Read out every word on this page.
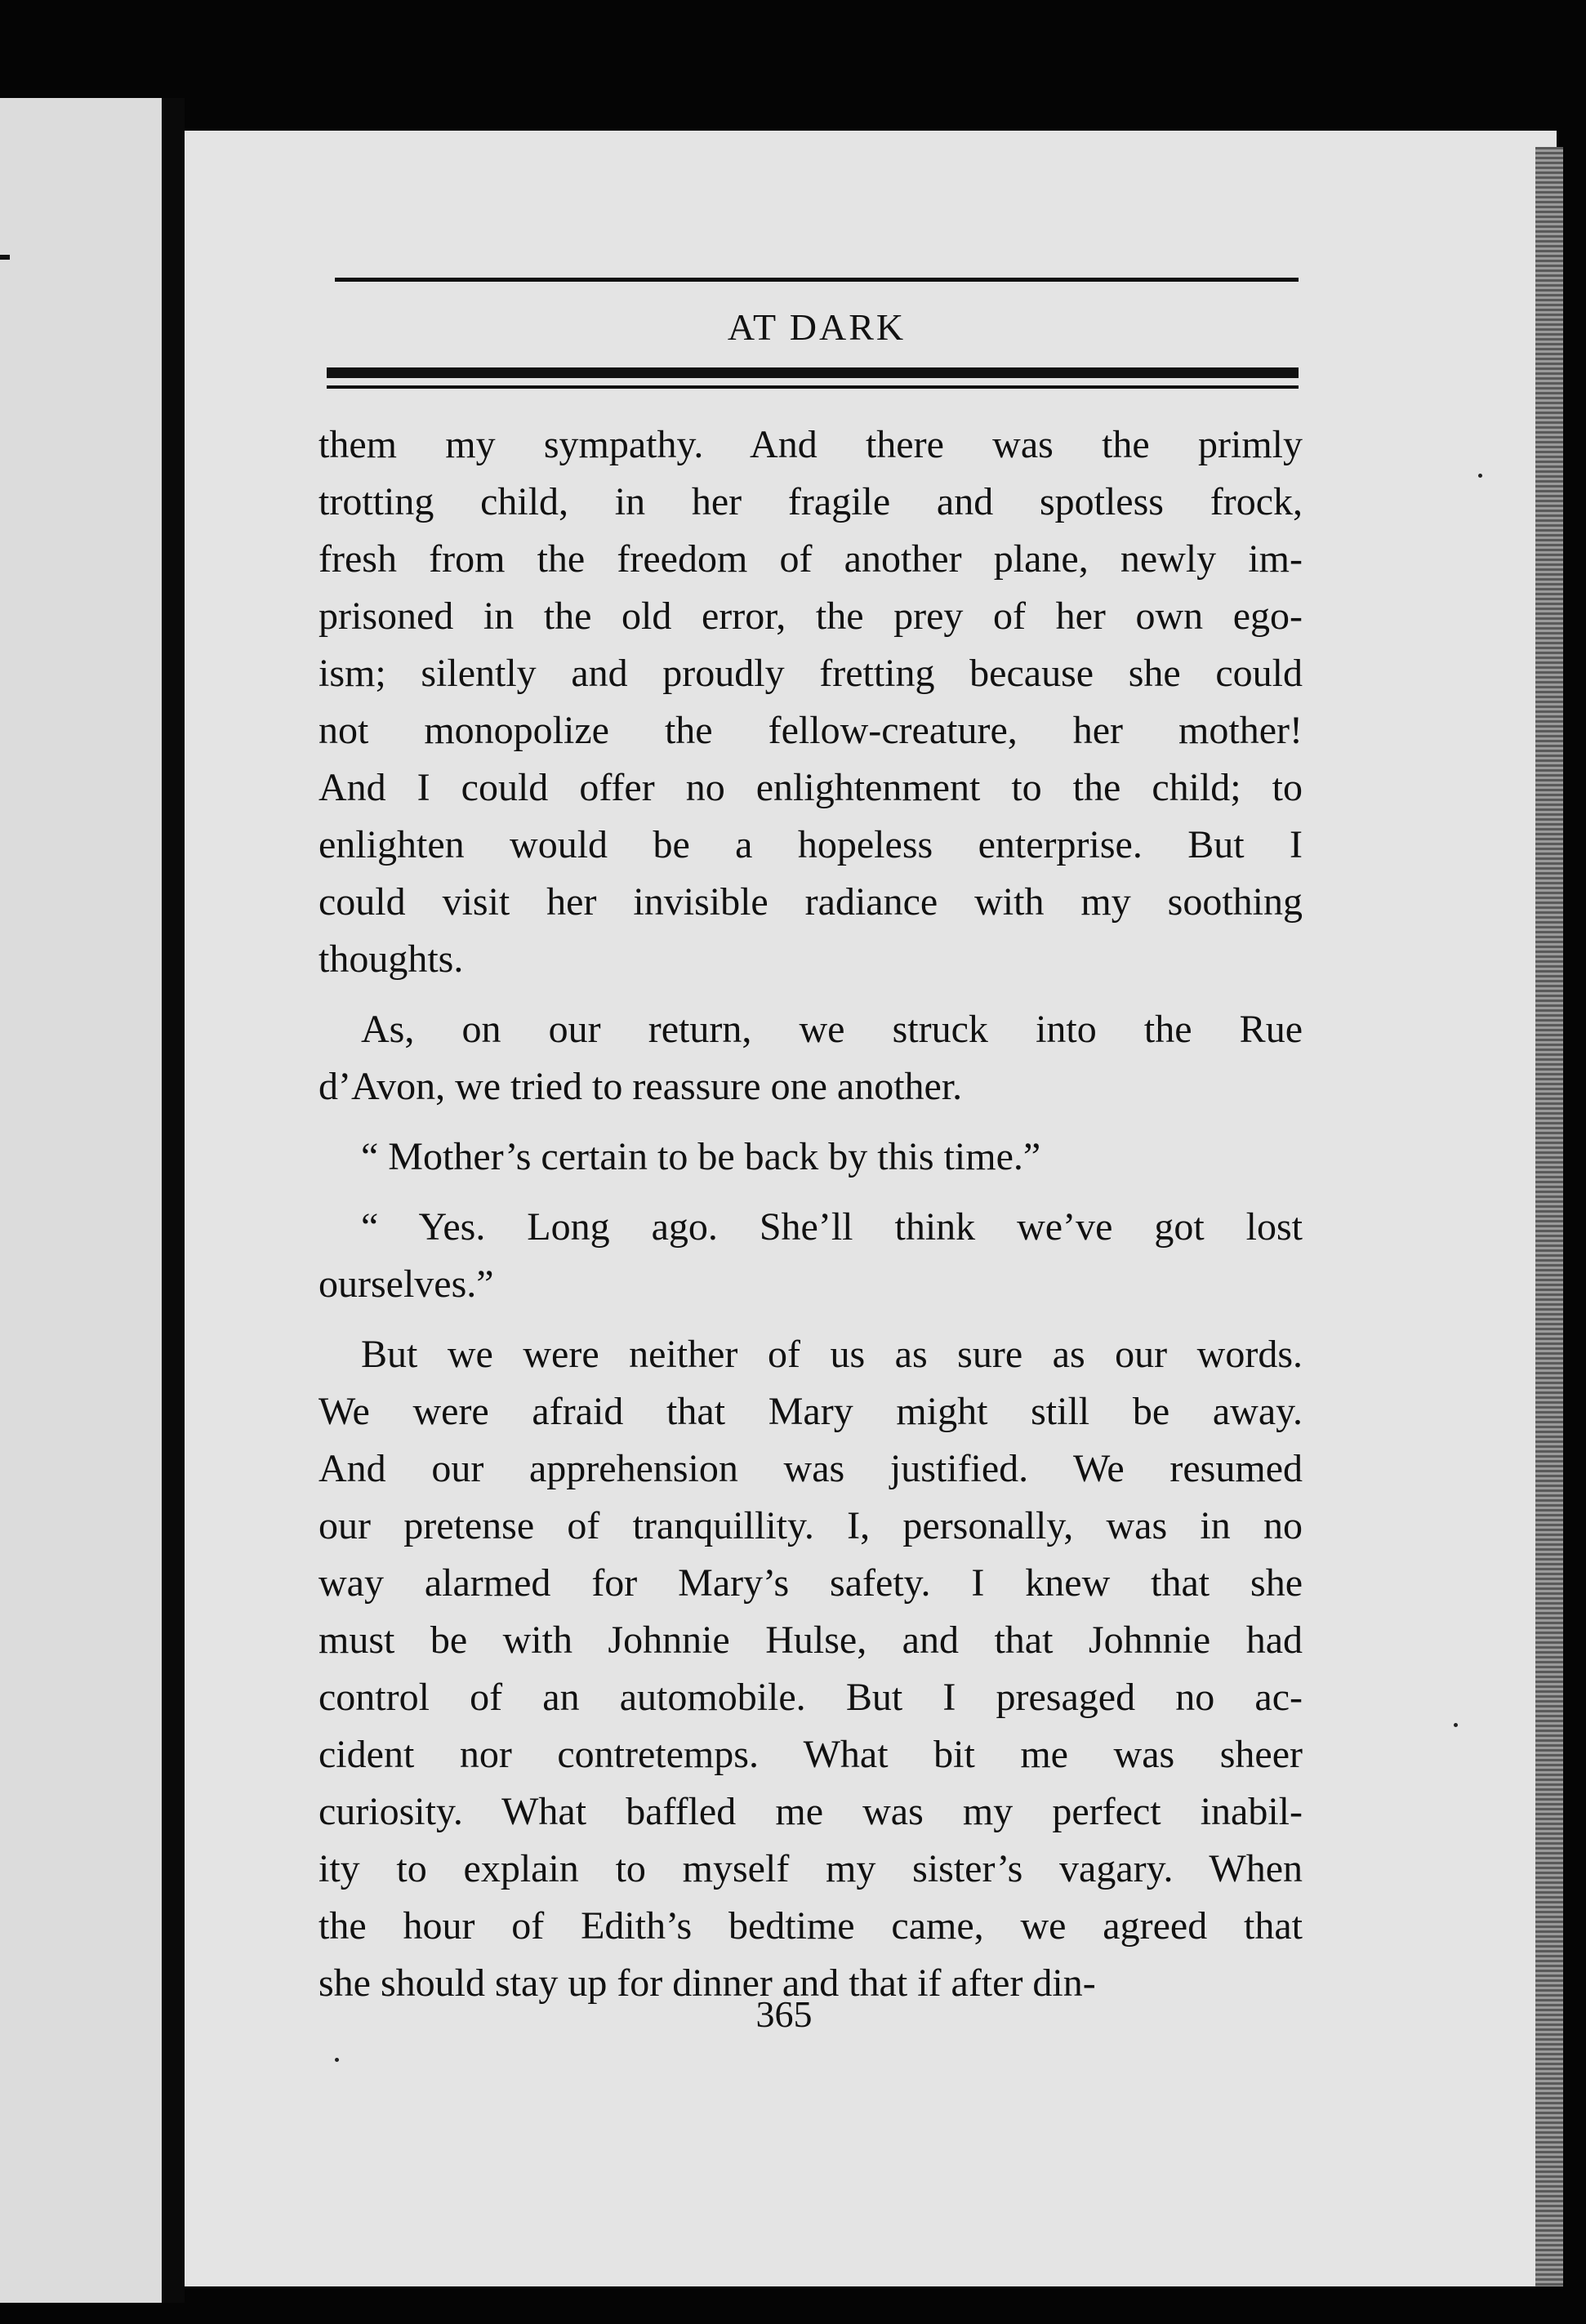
AT DARK
them my sympathy. And there was the primly
trotting child, in her fragile and spotless frock,
fresh from the freedom of another plane, newly im-
prisoned in the old error, the prey of her own ego-
ism; silently and proudly fretting because she could
not monopolize the fellow-creature, her mother!
And I could offer no enlightenment to the child; to
enlighten would be a hopeless enterprise. But I
could visit her invisible radiance with my soothing
thoughts.
As, on our return, we struck into the Rue
d’Avon, we tried to reassure one another.
“ Mother’s certain to be back by this time.”
“ Yes. Long ago. She’ll think we’ve got lost
ourselves.”
But we were neither of us as sure as our words.
We were afraid that Mary might still be away.
And our apprehension was justified. We resumed
our pretense of tranquillity. I, personally, was in no
way alarmed for Mary’s safety. I knew that she
must be with Johnnie Hulse, and that Johnnie had
control of an automobile. But I presaged no ac-
cident nor contretemps. What bit me was sheer
curiosity. What baffled me was my perfect inabil-
ity to explain to myself my sister’s vagary. When
the hour of Edith’s bedtime came, we agreed that
she should stay up for dinner and that if after din-
365
